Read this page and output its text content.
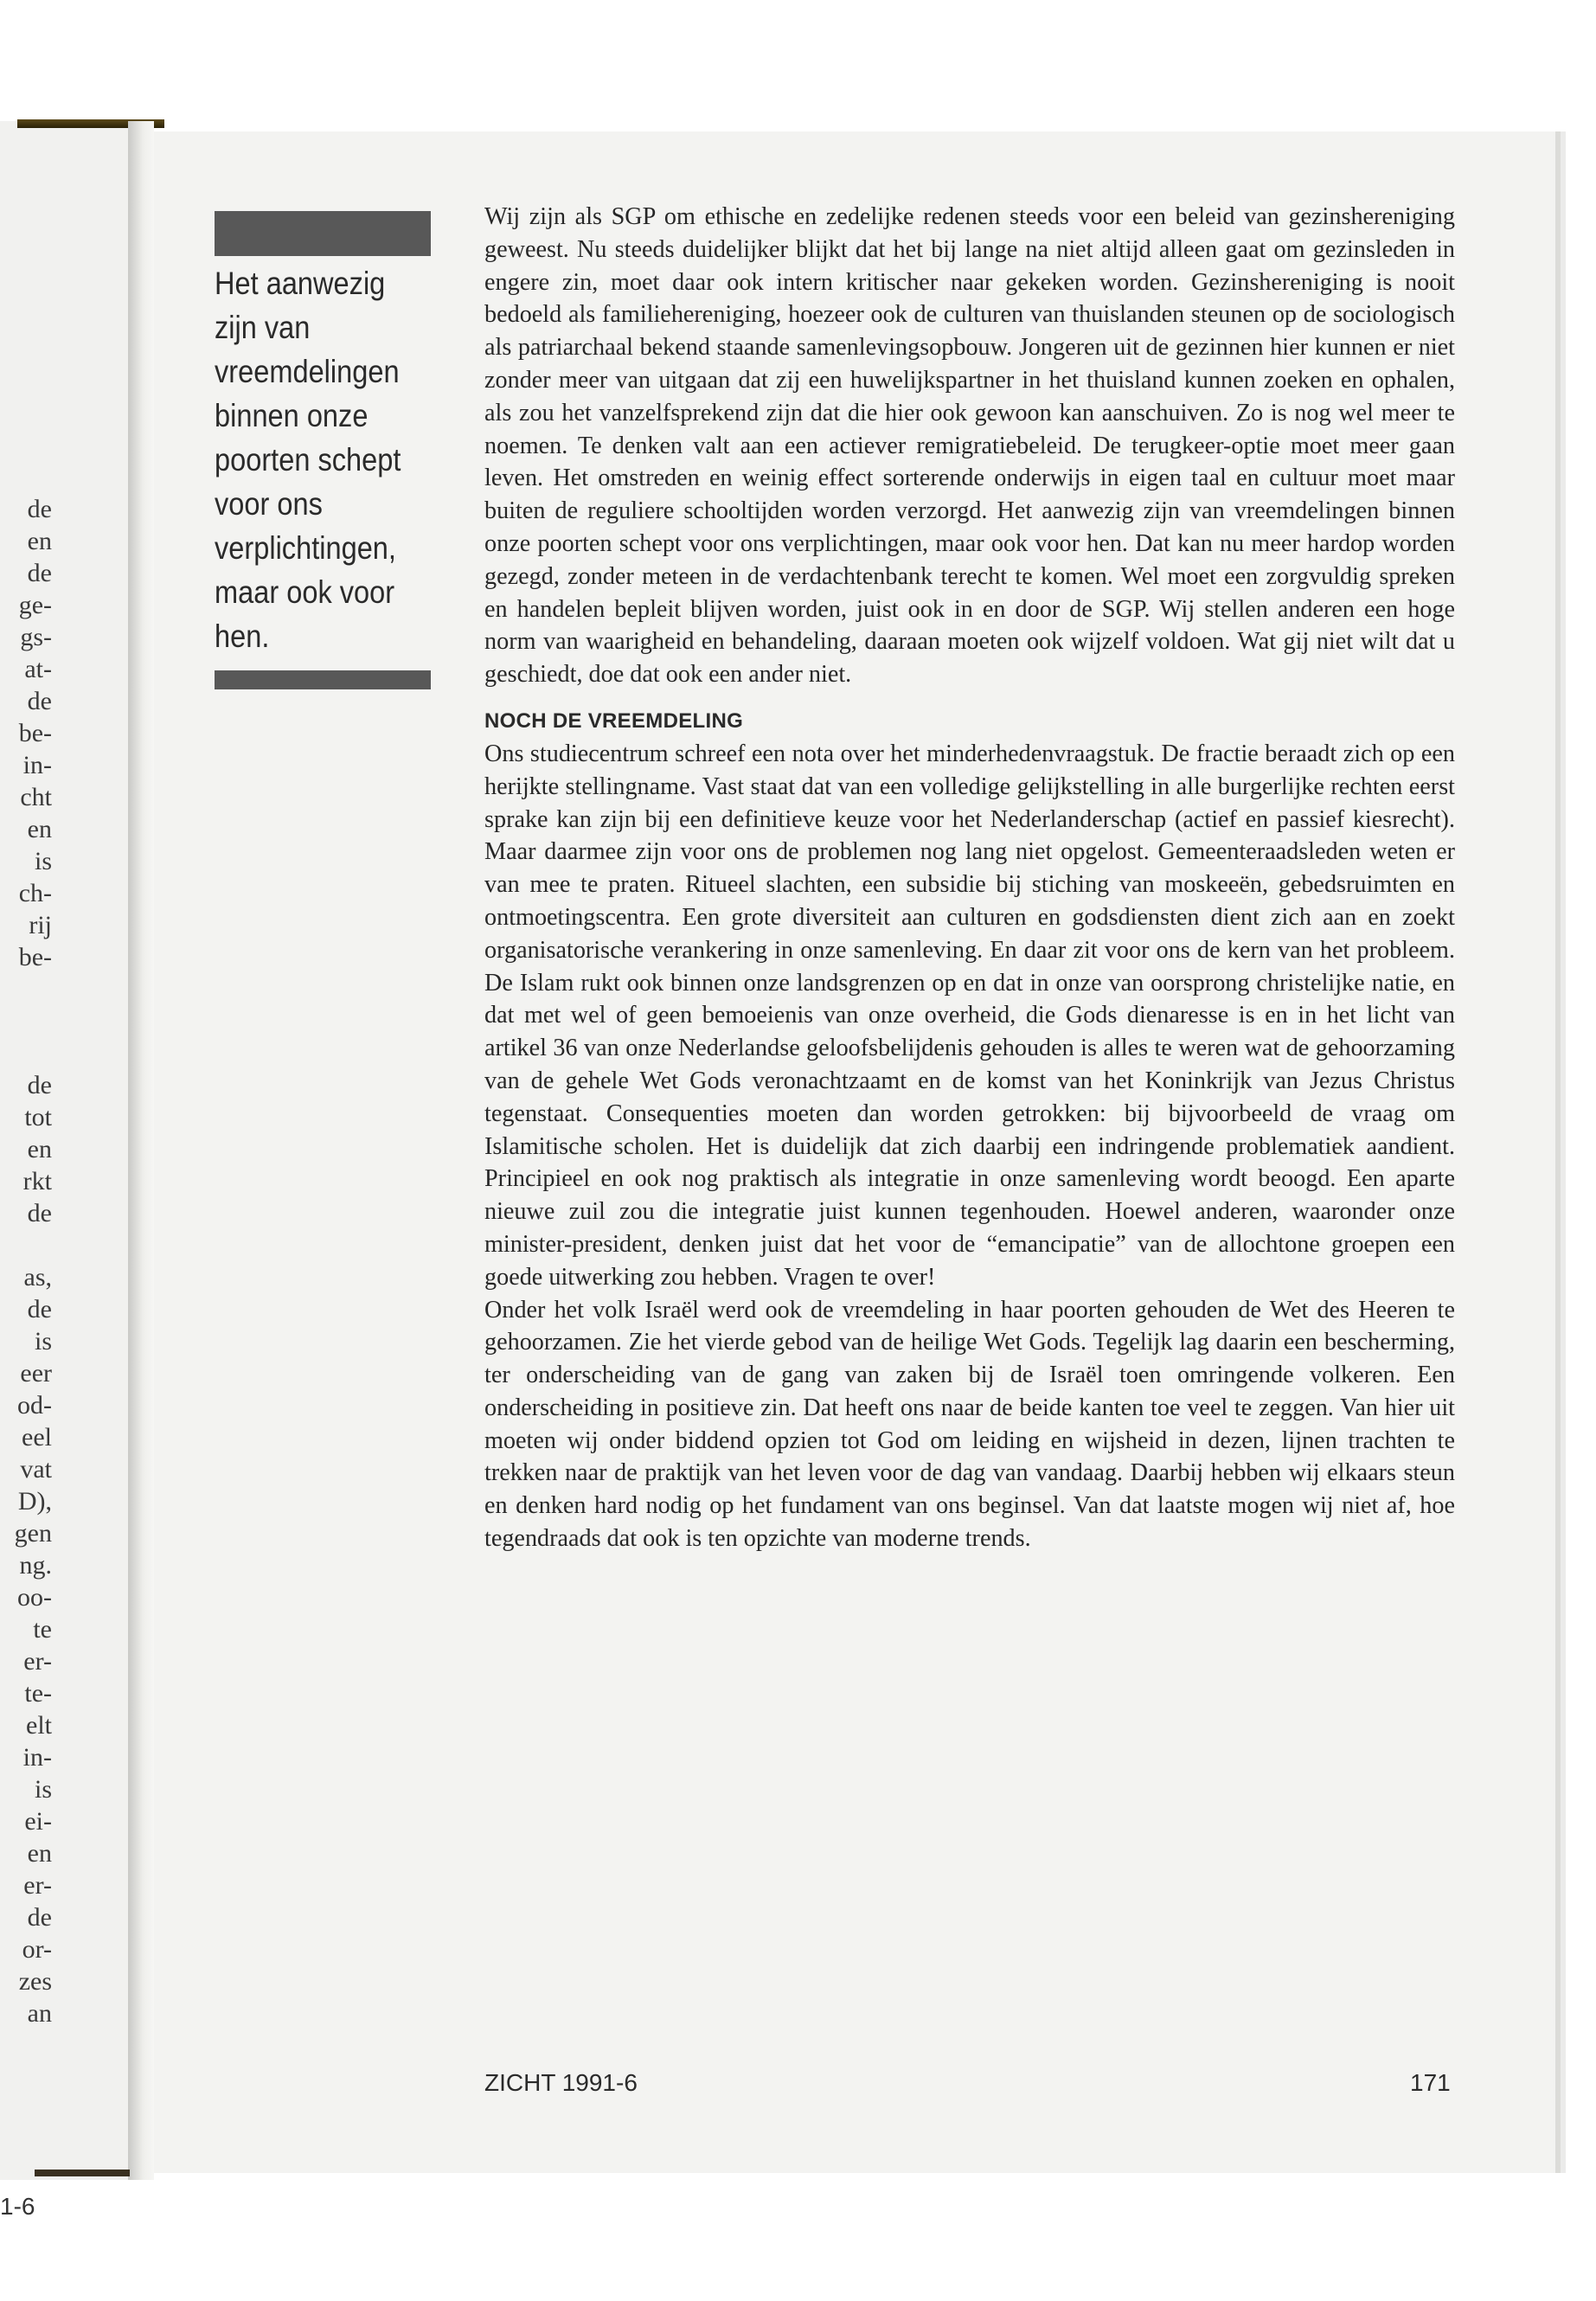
de
en
de
ge-
gs-
at-
de
be-
in-
cht
en
is
ch-
rij
be-
de
tot
en
rkt
de
as,
de
is
eer
od-
eel
vat
D),
gen
ng.
oo-
te
er-
te-
elt
in-
is
ei-
en
er-
de
or-
zes
an
1-6
Het aanwezig zijn van vreemdelingen binnen onze poorten schept voor ons verplichtingen, maar ook voor hen.

Wij zijn als SGP om ethische en zedelijke redenen steeds voor een beleid van gezinshereniging geweest. Nu steeds duidelijker blijkt dat het bij lange na niet altijd alleen gaat om gezinsleden in engere zin, moet daar ook intern kritischer naar gekeken worden. Gezinshereniging is nooit bedoeld als familiehereniging, hoezeer ook de culturen van thuislanden steunen op de sociologisch als patriarchaal bekend staande samenlevingsopbouw. Jongeren uit de gezinnen hier kunnen er niet zonder meer van uitgaan dat zij een huwelijkspartner in het thuisland kunnen zoeken en ophalen, als zou het vanzelfsprekend zijn dat die hier ook gewoon kan aanschuiven. Zo is nog wel meer te noemen. Te denken valt aan een actiever remigratiebeleid. De terugkeer-optie moet meer gaan leven. Het omstreden en weinig effect sorterende onderwijs in eigen taal en cultuur moet maar buiten de reguliere schooltijden worden verzorgd. Het aanwezig zijn van vreemdelingen binnen onze poorten schept voor ons verplichtingen, maar ook voor hen. Dat kan nu meer hardop worden gezegd, zonder meteen in de verdachtenbank terecht te komen. Wel moet een zorgvuldig spreken en handelen bepleit blijven worden, juist ook in en door de SGP. Wij stellen anderen een hoge norm van waarigheid en behandeling, daaraan moeten ook wijzelf voldoen. Wat gij niet wilt dat u geschiedt, doe dat ook een ander niet.

NOCH DE VREEMDELING

Ons studiecentrum schreef een nota over het minderhedenvraagstuk. De fractie beraadt zich op een herijkte stellingname. Vast staat dat van een volledige gelijkstelling in alle burgerlijke rechten eerst sprake kan zijn bij een definitieve keuze voor het Nederlanderschap (actief en passief kiesrecht). Maar daarmee zijn voor ons de problemen nog lang niet opgelost. Gemeenteraadsleden weten er van mee te praten. Ritueel slachten, een subsidie bij stiching van moskeeën, gebedsruimten en ontmoetingscentra. Een grote diversiteit aan culturen en godsdiensten dient zich aan en zoekt organisatorische verankering in onze samenleving. En daar zit voor ons de kern van het probleem. De Islam rukt ook binnen onze landsgrenzen op en dat in onze van oorsprong christelijke natie, en dat met wel of geen bemoeienis van onze overheid, die Gods dienaresse is en in het licht van artikel 36 van onze Nederlandse geloofsbelijdenis gehouden is alles te weren wat de gehoorzaming van de gehele Wet Gods veronachtzaamt en de komst van het Koninkrijk van Jezus Christus tegenstaat. Consequenties moeten dan worden getrokken: bij bijvoorbeeld de vraag om Islamitische scholen. Het is duidelijk dat zich daarbij een indringende problematiek aandient. Principieel en ook nog praktisch als integratie in onze samenleving wordt beoogd. Een aparte nieuwe zuil zou die integratie juist kunnen tegenhouden. Hoewel anderen, waaronder onze minister-president, denken juist dat het voor de “emancipatie” van de allochtone groepen een goede uitwerking zou hebben. Vragen te over!

Onder het volk Israël werd ook de vreemdeling in haar poorten gehouden de Wet des Heeren te gehoorzamen. Zie het vierde gebod van de heilige Wet Gods. Tegelijk lag daarin een bescherming, ter onderscheiding van de gang van zaken bij de Israël toen omringende volkeren. Een onderscheiding in positieve zin. Dat heeft ons naar de beide kanten toe veel te zeggen. Van hier uit moeten wij onder biddend opzien tot God om leiding en wijsheid in dezen, lijnen trachten te trekken naar de praktijk van het leven voor de dag van vandaag. Daarbij hebben wij elkaars steun en denken hard nodig op het fundament van ons beginsel. Van dat laatste mogen wij niet af, hoe tegendraads dat ook is ten opzichte van moderne trends.

ZICHT 1991-6	171
